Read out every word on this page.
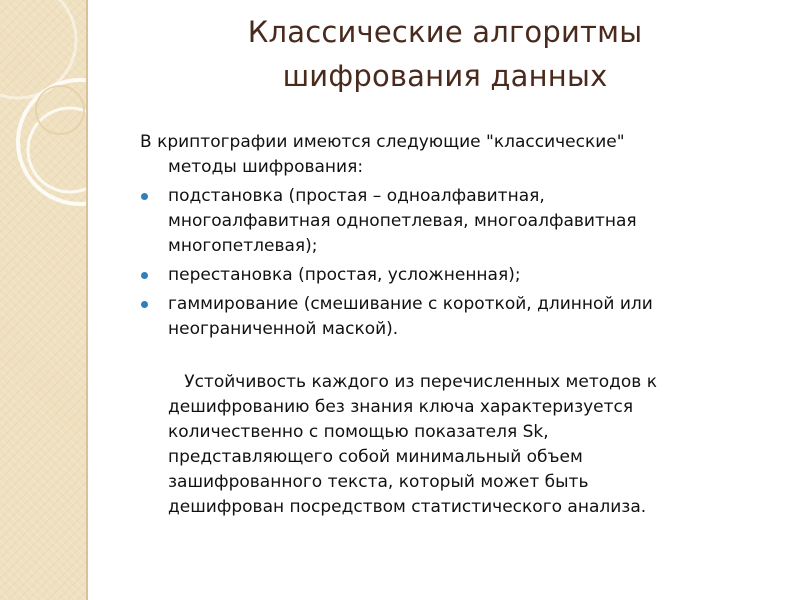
Классические алгоритмы
шифрования данных
В криптографии имеются следующие "классические"
методы шифрования:
подстановка (простая – одноалфавитная,
многоалфавитная однопетлевая, многоалфавитная
многопетлевая);
перестановка (простая, усложненная);
гаммирование (смешивание с короткой, длинной или
неограниченной маской).
Устойчивость каждого из перечисленных методов к
дешифрованию без знания ключа характеризуется
количественно с помощью показателя Sk,
представляющего собой минимальный объем
зашифрованного текста, который может быть
дешифрован посредством статистического анализа.
